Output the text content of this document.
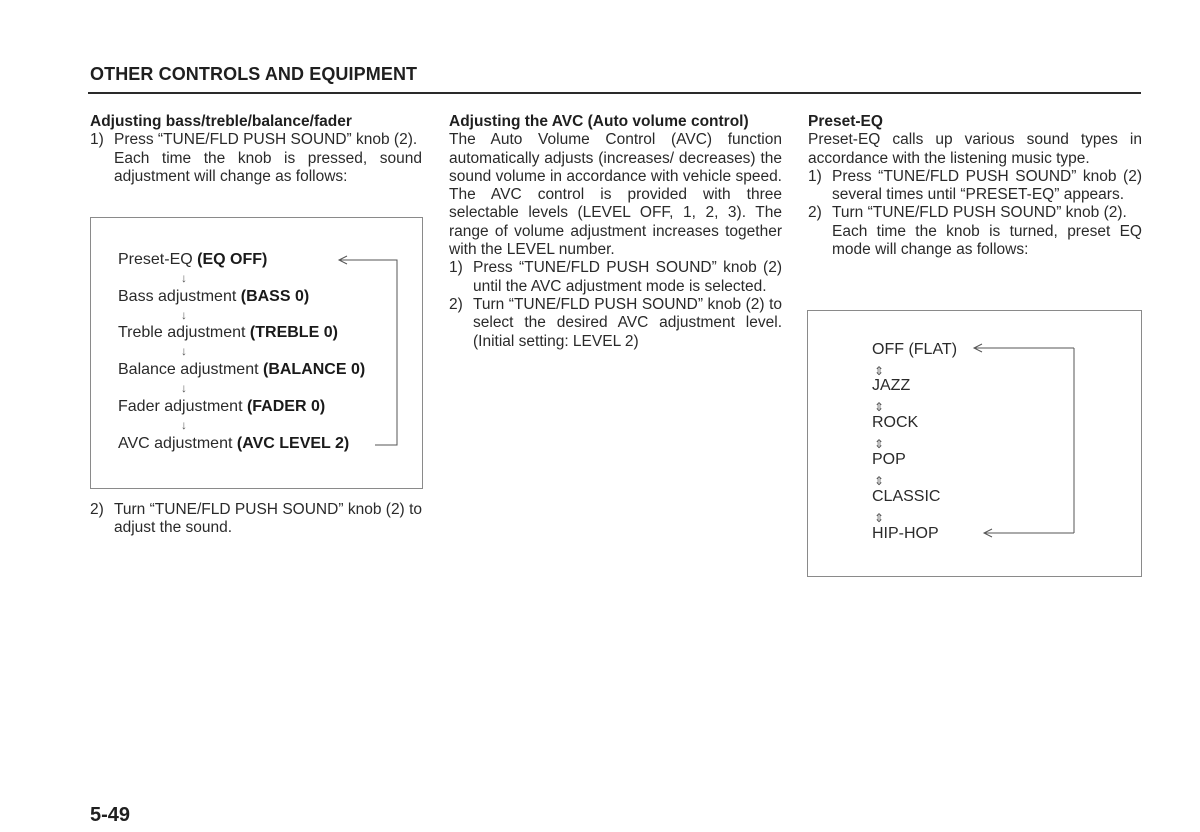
OTHER CONTROLS AND EQUIPMENT
Adjusting bass/treble/balance/fader
1) Press “TUNE/FLD PUSH SOUND” knob (2).

Each time the knob is pressed, sound adjustment will change as follows:

Preset-EQ (EQ OFF)
↓
Bass adjustment (BASS 0)
↓
Treble adjustment (TREBLE 0)
↓
Balance adjustment (BALANCE 0)
↓
Fader adjustment (FADER 0)
↓
AVC adjustment (AVC LEVEL 2)
2) Turn “TUNE/FLD PUSH SOUND” knob (2) to adjust the sound.
Adjusting the AVC (Auto volume control)

The Auto Volume Control (AVC) function automatically adjusts (increases/ decreases) the sound volume in accordance with vehicle speed. The AVC control is provided with three selectable levels (LEVEL OFF, 1, 2, 3). The range of volume adjustment increases together with the LEVEL number.

1) Press “TUNE/FLD PUSH SOUND” knob (2) until the AVC adjustment mode is selected.
2) Turn “TUNE/FLD PUSH SOUND” knob (2) to select the desired AVC adjustment level. (Initial setting: LEVEL 2)
Preset-EQ

Preset-EQ calls up various sound types in accordance with the listening music type.

1) Press “TUNE/FLD PUSH SOUND” knob (2) several times until “PRESET-EQ” appears.
2) Turn “TUNE/FLD PUSH SOUND” knob (2).

Each time the knob is turned, preset EQ mode will change as follows:

OFF (FLAT)
⇕
JAZZ
⇕
ROCK
⇕
POP
⇕
CLASSIC
⇕
HIP-HOP
5-49
